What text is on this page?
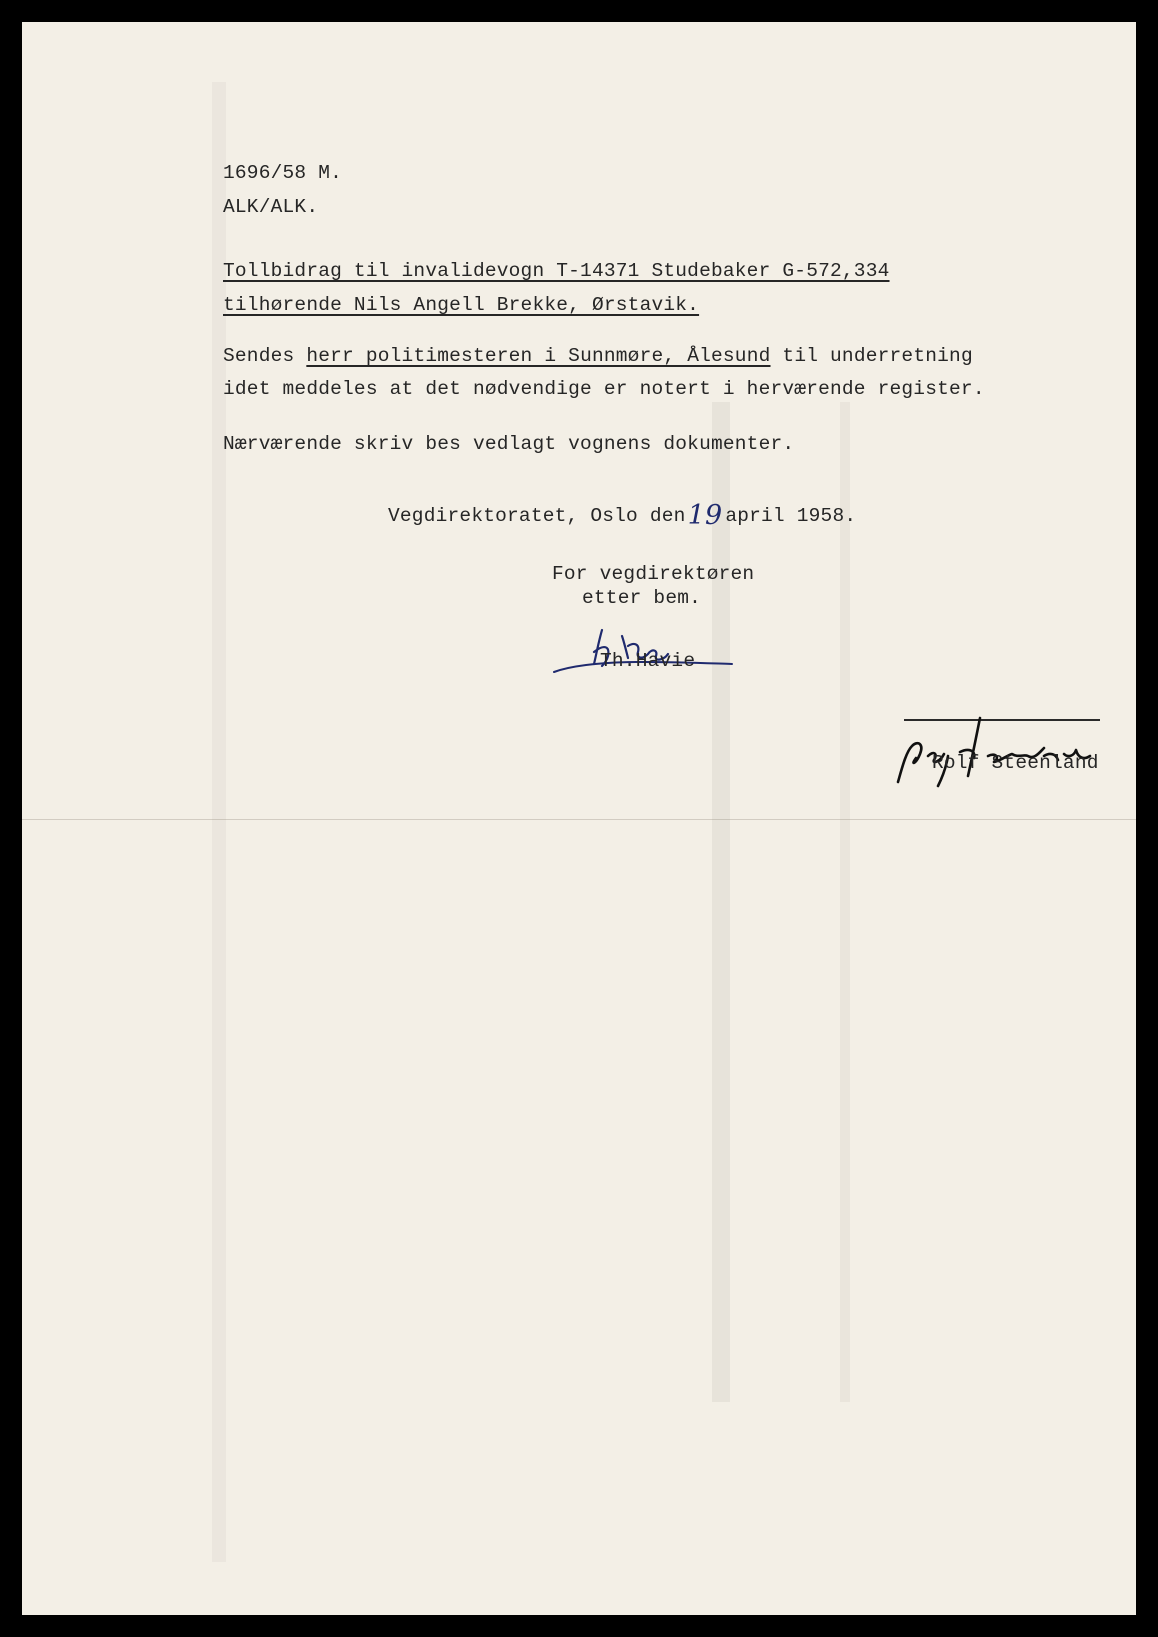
1696/58 M.
ALK/ALK.
Tollbidrag til invalidevogn T-14371 Studebaker G-572,334
tilhørende Nils Angell Brekke, Ørstavik.
Sendes herr politimesteren i Sunnmøre, Ålesund til underretning
idet meddeles at det nødvendige er notert i herværende register.
Nærværende skriv bes vedlagt vognens dokumenter.
Vegdirektoratet, Oslo den19 april 1958.
For vegdirektøren
etter bem.
Th.Havie
Rolf Steenland
